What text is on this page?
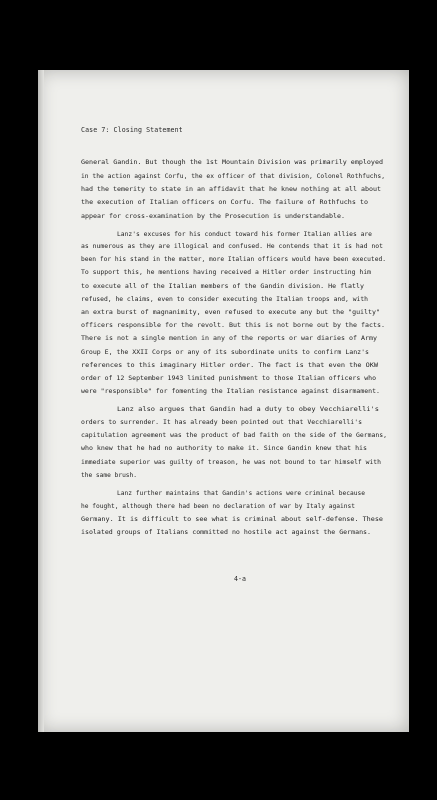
Case 7: Closing Statement
General Gandin. But though the 1st Mountain Division was primarily employed
in the action against Corfu, the ex officer of that division, Colonel Rothfuchs,
had the temerity to state in an affidavit that he knew nothing at all about
the execution of Italian officers on Corfu. The failure of Rothfuchs to
appear for cross-examination by the Prosecution is understandable.
Lanz's excuses for his conduct toward his former Italian allies are
as numerous as they are illogical and confused. He contends that it is had not
been for his stand in the matter, more Italian officers would have been executed.
To support this, he mentions having received a Hitler order instructing him
to execute all of the Italian members of the Gandin division. He flatly
refused, he claims, even to consider executing the Italian troops and, with
an extra burst of magnanimity, even refused to execute any but the "guilty"
officers responsible for the revolt. But this is not borne out by the facts.
There is not a single mention in any of the reports or war diaries of Army
Group E, the XXII Corps or any of its subordinate units to confirm Lanz's
references to this imaginary Hitler order. The fact is that even the OKW
order of 12 September 1943 limited punishment to those Italian officers who
were "responsible" for fomenting the Italian resistance against disarmament.
Lanz also argues that Gandin had a duty to obey Vecchiarelli's
orders to surrender. It has already been pointed out that Vecchiarelli's
capitulation agreement was the product of bad faith on the side of the Germans,
who knew that he had no authority to make it. Since Gandin knew that his
immediate superior was guilty of treason, he was not bound to tar himself with
the same brush.
Lanz further maintains that Gandin's actions were criminal because
he fought, although there had been no declaration of war by Italy against
Germany. It is difficult to see what is criminal about self-defense. These
isolated groups of Italians committed no hostile act against the Germans.
4-a
